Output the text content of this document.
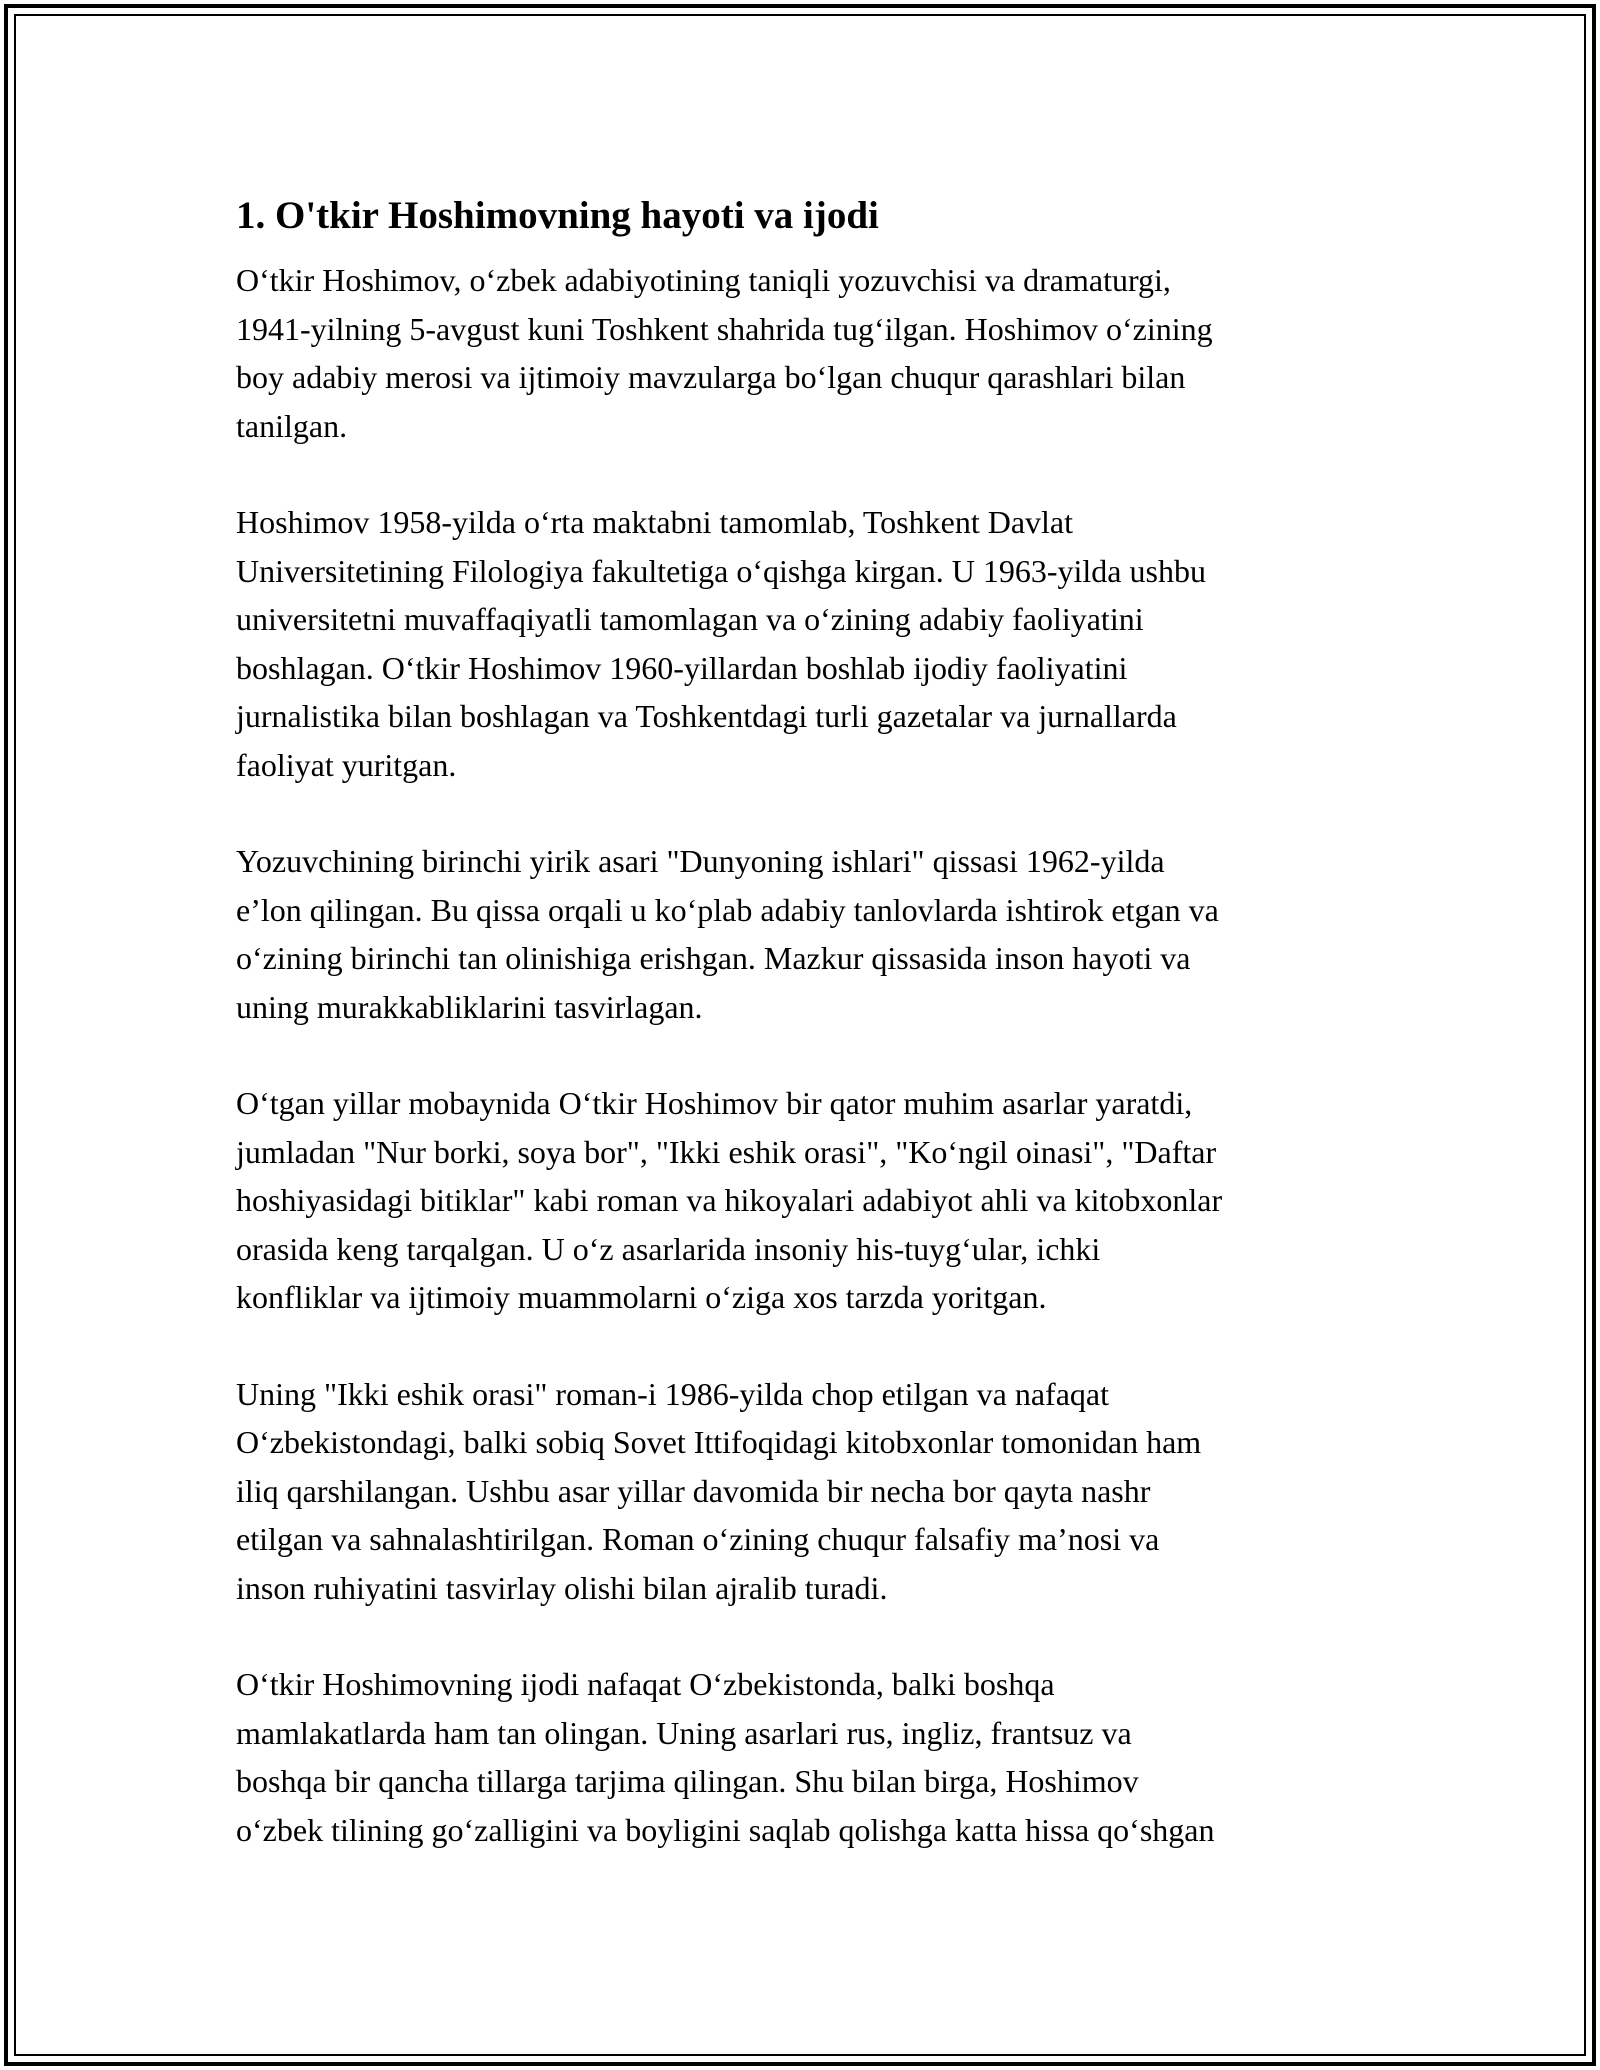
1. O'tkir Hoshimovning hayoti va ijodi
O‘tkir Hoshimov, o‘zbek adabiyotining taniqli yozuvchisi va dramaturgi,
1941-yilning 5-avgust kuni Toshkent shahrida tug‘ilgan. Hoshimov o‘zining
boy adabiy merosi va ijtimoiy mavzularga bo‘lgan chuqur qarashlari bilan
tanilgan.
Hoshimov 1958-yilda o‘rta maktabni tamomlab, Toshkent Davlat
Universitetining Filologiya fakultetiga o‘qishga kirgan. U 1963-yilda ushbu
universitetni muvaffaqiyatli tamomlagan va o‘zining adabiy faoliyatini
boshlagan. O‘tkir Hoshimov 1960-yillardan boshlab ijodiy faoliyatini
jurnalistika bilan boshlagan va Toshkentdagi turli gazetalar va jurnallarda
faoliyat yuritgan.
Yozuvchining birinchi yirik asari "Dunyoning ishlari" qissasi 1962-yilda
e’lon qilingan. Bu qissa orqali u ko‘plab adabiy tanlovlarda ishtirok etgan va
o‘zining birinchi tan olinishiga erishgan. Mazkur qissasida inson hayoti va
uning murakkabliklarini tasvirlagan.
O‘tgan yillar mobaynida O‘tkir Hoshimov bir qator muhim asarlar yaratdi,
jumladan "Nur borki, soya bor", "Ikki eshik orasi", "Ko‘ngil oinasi", "Daftar
hoshiyasidagi bitiklar" kabi roman va hikoyalari adabiyot ahli va kitobxonlar
orasida keng tarqalgan. U o‘z asarlarida insoniy his-tuyg‘ular, ichki
konfliklar va ijtimoiy muammolarni o‘ziga xos tarzda yoritgan.
Uning "Ikki eshik orasi" roman-i 1986-yilda chop etilgan va nafaqat
O‘zbekistondagi, balki sobiq Sovet Ittifoqidagi kitobxonlar tomonidan ham
iliq qarshilangan. Ushbu asar yillar davomida bir necha bor qayta nashr
etilgan va sahnalashtirilgan. Roman o‘zining chuqur falsafiy ma’nosi va
inson ruhiyatini tasvirlay olishi bilan ajralib turadi.
O‘tkir Hoshimovning ijodi nafaqat O‘zbekistonda, balki boshqa
mamlakatlarda ham tan olingan. Uning asarlari rus, ingliz, frantsuz va
boshqa bir qancha tillarga tarjima qilingan. Shu bilan birga, Hoshimov
o‘zbek tilining go‘zalligini va boyligini saqlab qolishga katta hissa qo‘shgan
